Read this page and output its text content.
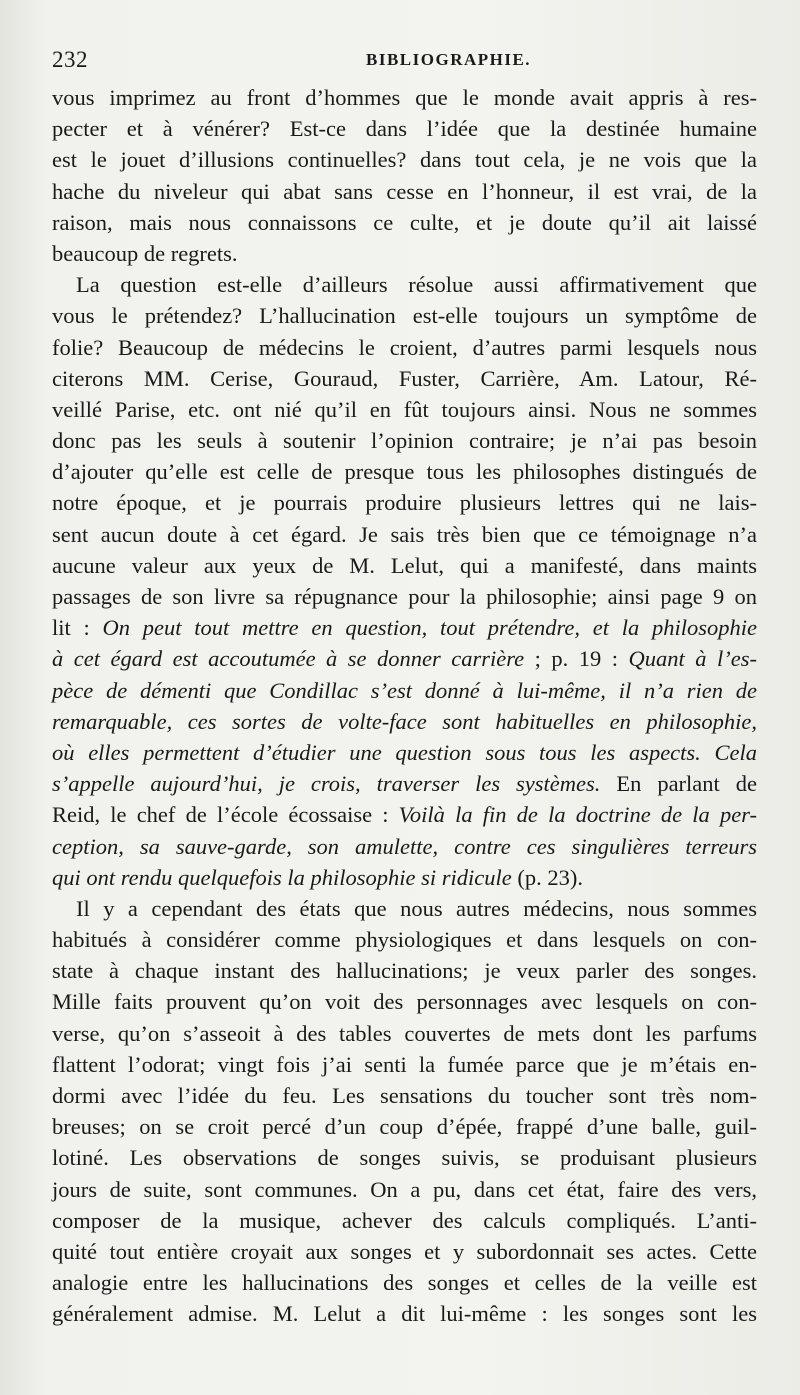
232	BIBLIOGRAPHIE.
vous imprimez au front d’hommes que le monde avait appris à res-
pecter et à vénérer? Est-ce dans l’idée que la destinée humaine
est le jouet d’illusions continuelles? dans tout cela, je ne vois que la
hache du niveleur qui abat sans cesse en l’honneur, il est vrai, de la
raison, mais nous connaissons ce culte, et je doute qu’il ait laissé
beaucoup de regrets.
La question est-elle d’ailleurs résolue aussi affirmativement que
vous le prétendez? L’hallucination est-elle toujours un symptôme de
folie? Beaucoup de médecins le croient, d’autres parmi lesquels nous
citerons MM. Cerise, Gouraud, Fuster, Carrière, Am. Latour, Ré-
veillé Parise, etc. ont nié qu’il en fût toujours ainsi. Nous ne sommes
donc pas les seuls à soutenir l’opinion contraire; je n’ai pas besoin
d’ajouter qu’elle est celle de presque tous les philosophes distingués de
notre époque, et je pourrais produire plusieurs lettres qui ne lais-
sent aucun doute à cet égard. Je sais très bien que ce témoignage n’a
aucune valeur aux yeux de M. Lelut, qui a manifesté, dans maints
passages de son livre sa répugnance pour la philosophie; ainsi page 9 on
lit : On peut tout mettre en question, tout prétendre, et la philosophie
à cet égard est accoutumée à se donner carrière ; p. 19 : Quant à l’es-
pèce de démenti que Condillac s’est donné à lui-même, il n’a rien de
remarquable, ces sortes de volte-face sont habituelles en philosophie,
où elles permettent d’étudier une question sous tous les aspects. Cela
s’appelle aujourd’hui, je crois, traverser les systèmes. En parlant de
Reid, le chef de l’école écossaise : Voilà la fin de la doctrine de la per-
ception, sa sauve-garde, son amulette, contre ces singulières terreurs
qui ont rendu quelquefois la philosophie si ridicule (p. 23).
Il y a cependant des états que nous autres médecins, nous sommes
habitués à considérer comme physiologiques et dans lesquels on con-
state à chaque instant des hallucinations; je veux parler des songes.
Mille faits prouvent qu’on voit des personnages avec lesquels on con-
verse, qu’on s’asseoit à des tables couvertes de mets dont les parfums
flattent l’odorat; vingt fois j’ai senti la fumée parce que je m’étais en-
dormi avec l’idée du feu. Les sensations du toucher sont très nom-
breuses; on se croit percé d’un coup d’épée, frappé d’une balle, guil-
lotiné. Les observations de songes suivis, se produisant plusieurs
jours de suite, sont communes. On a pu, dans cet état, faire des vers,
composer de la musique, achever des calculs compliqués. L’anti-
quité tout entière croyait aux songes et y subordonnait ses actes. Cette
analogie entre les hallucinations des songes et celles de la veille est
généralement admise. M. Lelut a dit lui-même : les songes sont les
